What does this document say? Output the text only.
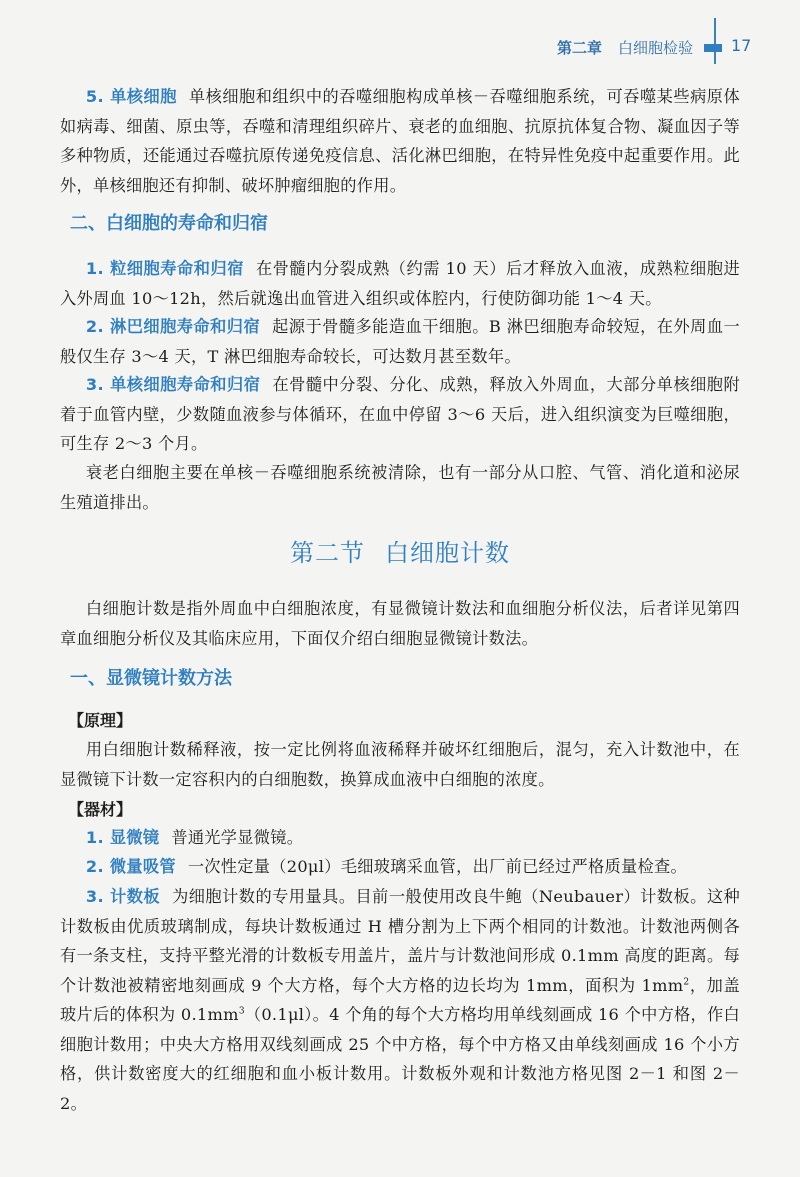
第二章 白细胞检验 17
5. 单核细胞 单核细胞和组织中的吞噬细胞构成单核－吞噬细胞系统，可吞噬某些病原体如病毒、细菌、原虫等，吞噬和清理组织碎片、衰老的血细胞、抗原抗体复合物、凝血因子等多种物质，还能通过吞噬抗原传递免疫信息、活化淋巴细胞，在特异性免疫中起重要作用。此外，单核细胞还有抑制、破坏肿瘤细胞的作用。
二、白细胞的寿命和归宿
1. 粒细胞寿命和归宿 在骨髓内分裂成熟（约需 10 天）后才释放入血液，成熟粒细胞进入外周血 10～12h，然后就逸出血管进入组织或体腔内，行使防御功能 1～4 天。
2. 淋巴细胞寿命和归宿 起源于骨髓多能造血干细胞。B 淋巴细胞寿命较短，在外周血一般仅生存 3～4 天，T 淋巴细胞寿命较长，可达数月甚至数年。
3. 单核细胞寿命和归宿 在骨髓中分裂、分化、成熟，释放入外周血，大部分单核细胞附着于血管内壁，少数随血液参与体循环，在血中停留 3～6 天后，进入组织演变为巨噬细胞，可生存 2～3 个月。
衰老白细胞主要在单核－吞噬细胞系统被清除，也有一部分从口腔、气管、消化道和泌尿生殖道排出。
第二节 白细胞计数
白细胞计数是指外周血中白细胞浓度，有显微镜计数法和血细胞分析仪法，后者详见第四章血细胞分析仪及其临床应用，下面仅介绍白细胞显微镜计数法。
一、显微镜计数方法
【原理】
用白细胞计数稀释液，按一定比例将血液稀释并破坏红细胞后，混匀，充入计数池中，在显微镜下计数一定容积内的白细胞数，换算成血液中白细胞的浓度。
【器材】
1. 显微镜 普通光学显微镜。
2. 微量吸管 一次性定量（20μl）毛细玻璃采血管，出厂前已经过严格质量检查。
3. 计数板 为细胞计数的专用量具。目前一般使用改良牛鲍（Neubauer）计数板。这种计数板由优质玻璃制成，每块计数板通过 H 槽分割为上下两个相同的计数池。计数池两侧各有一条支柱，支持平整光滑的计数板专用盖片，盖片与计数池间形成 0.1mm 高度的距离。每个计数池被精密地刻画成 9 个大方格，每个大方格的边长均为 1mm，面积为 $1mm^2$，加盖玻片后的体积为 $0.1mm^3(0.1\mu l)$。4 个角的每个大方格均用单线刻画成 16 个中方格，作白细胞计数用；中央大方格用双线刻画成 25 个中方格，每个中方格又由单线刻画成 16 个小方格，供计数密度大的红细胞和血小板计数用。计数板外观和计数池方格见图 2－1 和图 2－2。
